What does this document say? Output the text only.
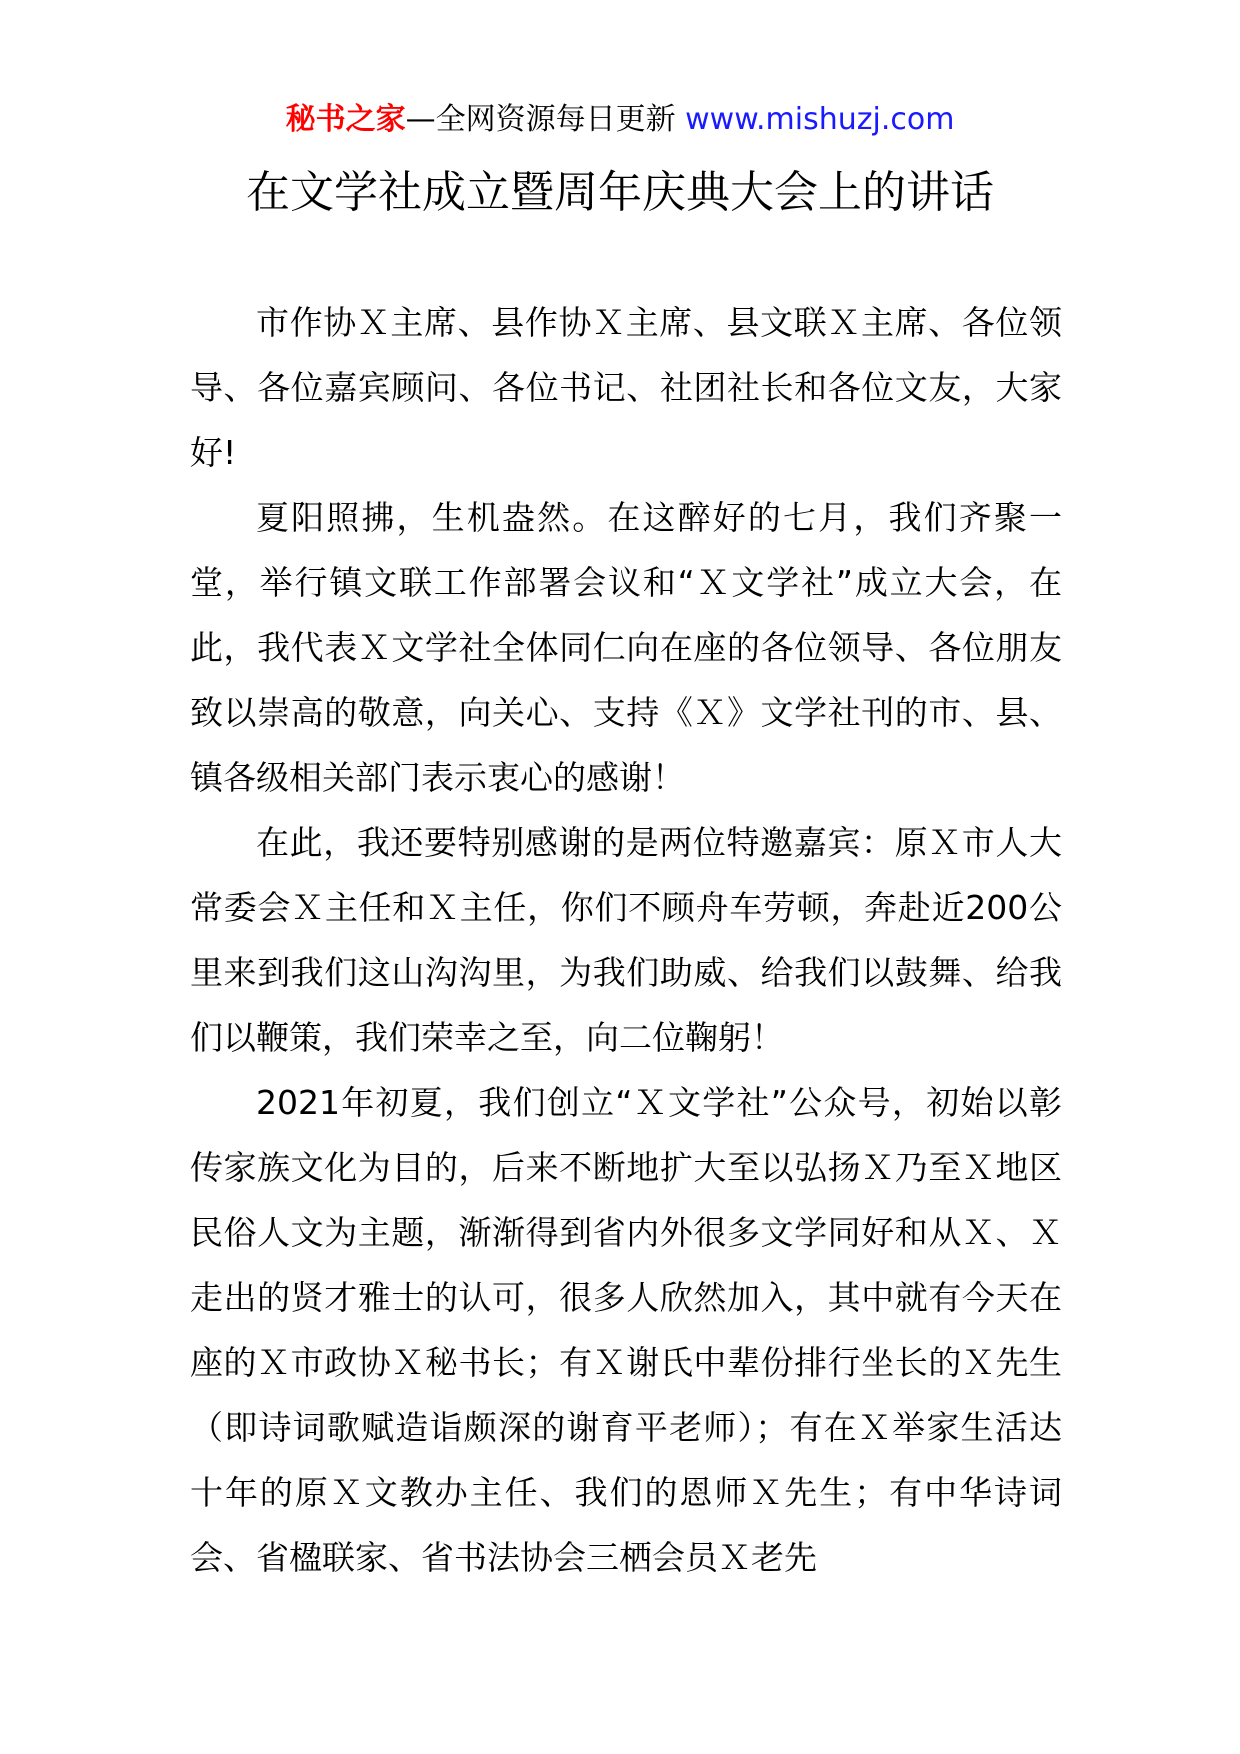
秘书之家—全网资源每日更新 www.mishuzj.com
在文学社成立暨周年庆典大会上的讲话

市作协Ｘ主席、县作协Ｘ主席、县文联Ｘ主席、各位领导、各位嘉宾顾问、各位书记、社团社长和各位文友，大家好!

夏阳照拂，生机盎然。在这醉好的七月，我们齐聚一堂，举行镇文联工作部署会议和“Ｘ文学社”成立大会，在此，我代表Ｘ文学社全体同仁向在座的各位领导、各位朋友致以崇高的敬意，向关心、支持《Ｘ》文学社刊的市、县、镇各级相关部门表示衷心的感谢！

在此，我还要特别感谢的是两位特邀嘉宾：原Ｘ市人大常委会Ｘ主任和Ｘ主任，你们不顾舟车劳顿，奔赴近200公里来到我们这山沟沟里，为我们助威、给我们以鼓舞、给我们以鞭策，我们荣幸之至，向二位鞠躬！

2021年初夏，我们创立“Ｘ文学社”公众号，初始以彰传家族文化为目的，后来不断地扩大至以弘扬Ｘ乃至Ｘ地区民俗人文为主题，渐渐得到省内外很多文学同好和从Ｘ、Ｘ走出的贤才雅士的认可，很多人欣然加入，其中就有今天在座的Ｘ市政协Ｘ秘书长；有Ｘ谢氏中辈份排行坐长的Ｘ先生（即诗词歌赋造诣颇深的谢育平老师）；有在Ｘ举家生活达十年的原Ｘ文教办主任、我们的恩师Ｘ先生；有中华诗词会、省楹联家、省书法协会三栖会员Ｘ老先
